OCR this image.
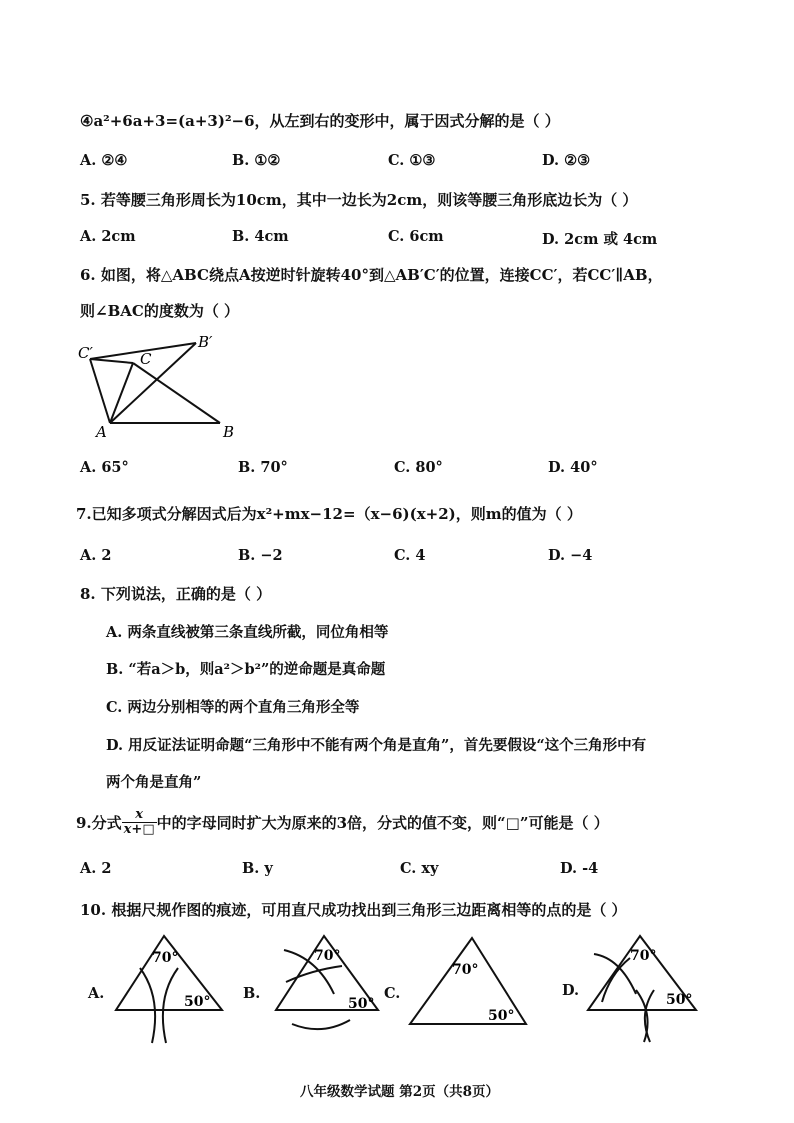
④a²+6a+3=(a+3)²−6，从左到右的变形中，属于因式分解的是（ ）
A. ②④	B. ①②	C. ①③	D. ②③
5. 若等腰三角形周长为10cm，其中一边长为2cm，则该等腰三角形底边长为（ ）
A. 2cm	B. 4cm	C. 6cm	D. 2cm 或 4cm
6. 如图，将△ABC绕点A按逆时针旋转40°到△AB′C′的位置，连接CC′，若CC′∥AB，
则∠BAC的度数为（ ）
C′	C
B′
A	B
A. 65°	B. 70°	C. 80°	D. 40°
7.已知多项式分解因式后为x²+mx−12=（x−6)(x+2)，则m的值为（ ）
A. 2	B. −2	C. 4	D. −4
8. 下列说法，正确的是（ ）
A. 两条直线被第三条直线所截，同位角相等
B. “若a＞b，则a²＞b²”的逆命题是真命题
C. 两边分别相等的两个直角三角形全等
D. 用反证法证明命题“三角形中不能有两个角是直角”，首先要假设“这个三角形中有
两个角是直角”
9.分式 $\frac{x}{x+□}$ 中的字母同时扩大为原来的3倍，分式的值不变，则“□”可能是（ ）
A. 2	B. y	C. xy	D. -4
10. 根据尺规作图的痕迹，可用直尺成功找出到三角形三边距离相等的点的是（ ）
A.
70°
50° B.
70°
50°
C.
70°
50°
D.
70°
50°
八年级数学试题 第2页（共8页）
